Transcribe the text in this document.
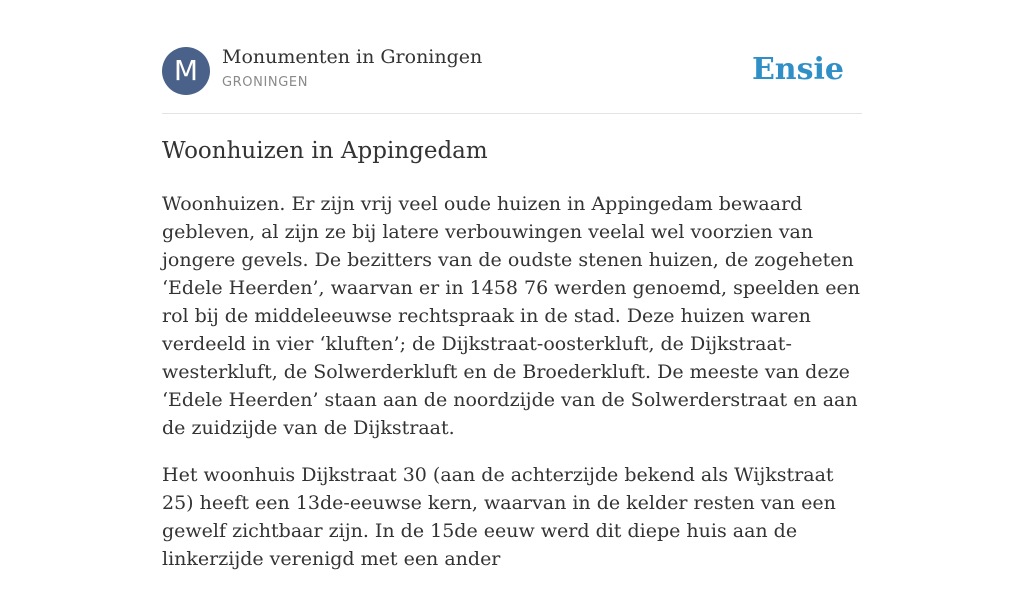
M	Monumenten in Groningen
GRONINGEN	Ensie
Woonhuizen in Appingedam

Woonhuizen. Er zijn vrij veel oude huizen in Appingedam bewaard gebleven, al zijn ze bij latere verbouwingen veelal wel voorzien van jongere gevels. De bezitters van de oudste stenen huizen, de zogeheten ‘Edele Heerden’, waarvan er in 1458 76 werden genoemd, speelden een rol bij de middeleeuwse rechtspraak in de stad. Deze huizen waren verdeeld in vier ‘kluften’; de Dijkstraat-oosterkluft, de Dijkstraat-westerkluft, de Solwerderkluft en de Broederkluft. De meeste van deze ‘Edele Heerden’ staan aan de noordzijde van de Solwerderstraat en aan de zuidzijde van de Dijkstraat.

Het woonhuis Dijkstraat 30 (aan de achterzijde bekend als Wijkstraat 25) heeft een 13de-eeuwse kern, waarvan in de kelder resten van een gewelf zichtbaar zijn. In de 15de eeuw werd dit diepe huis aan de linkerzijde verenigd met een ander
